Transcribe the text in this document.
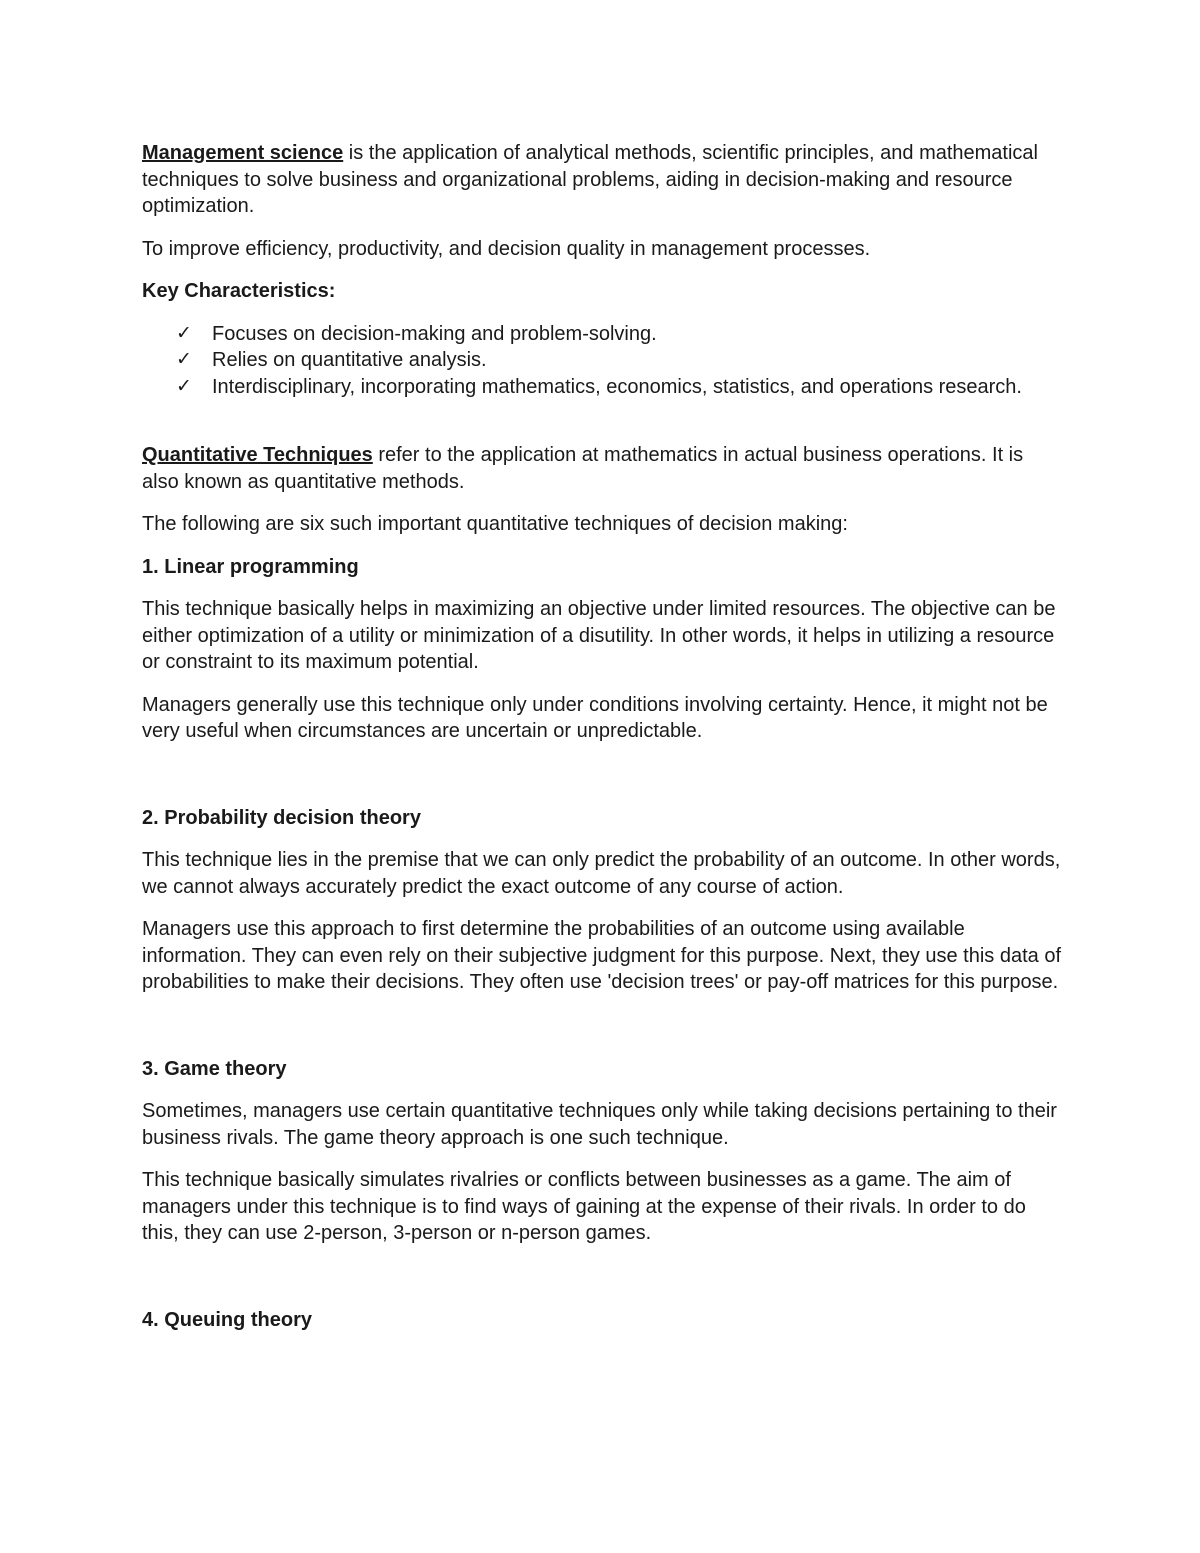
Management science is the application of analytical methods, scientific principles, and mathematical techniques to solve business and organizational problems, aiding in decision-making and resource optimization.

To improve efficiency, productivity, and decision quality in management processes.

Key Characteristics:
✓ Focuses on decision-making and problem-solving.
✓ Relies on quantitative analysis.
✓ Interdisciplinary, incorporating mathematics, economics, statistics, and operations research.

Quantitative Techniques refer to the application at mathematics in actual business operations. It is also known as quantitative methods.

The following are six such important quantitative techniques of decision making:

1. Linear programming

This technique basically helps in maximizing an objective under limited resources. The objective can be either optimization of a utility or minimization of a disutility. In other words, it helps in utilizing a resource or constraint to its maximum potential.

Managers generally use this technique only under conditions involving certainty. Hence, it might not be very useful when circumstances are uncertain or unpredictable.

2. Probability decision theory

This technique lies in the premise that we can only predict the probability of an outcome. In other words, we cannot always accurately predict the exact outcome of any course of action.

Managers use this approach to first determine the probabilities of an outcome using available information. They can even rely on their subjective judgment for this purpose. Next, they use this data of probabilities to make their decisions. They often use 'decision trees' or pay-off matrices for this purpose.

3. Game theory

Sometimes, managers use certain quantitative techniques only while taking decisions pertaining to their business rivals. The game theory approach is one such technique.

This technique basically simulates rivalries or conflicts between businesses as a game. The aim of managers under this technique is to find ways of gaining at the expense of their rivals. In order to do this, they can use 2-person, 3-person or n-person games.

4. Queuing theory
